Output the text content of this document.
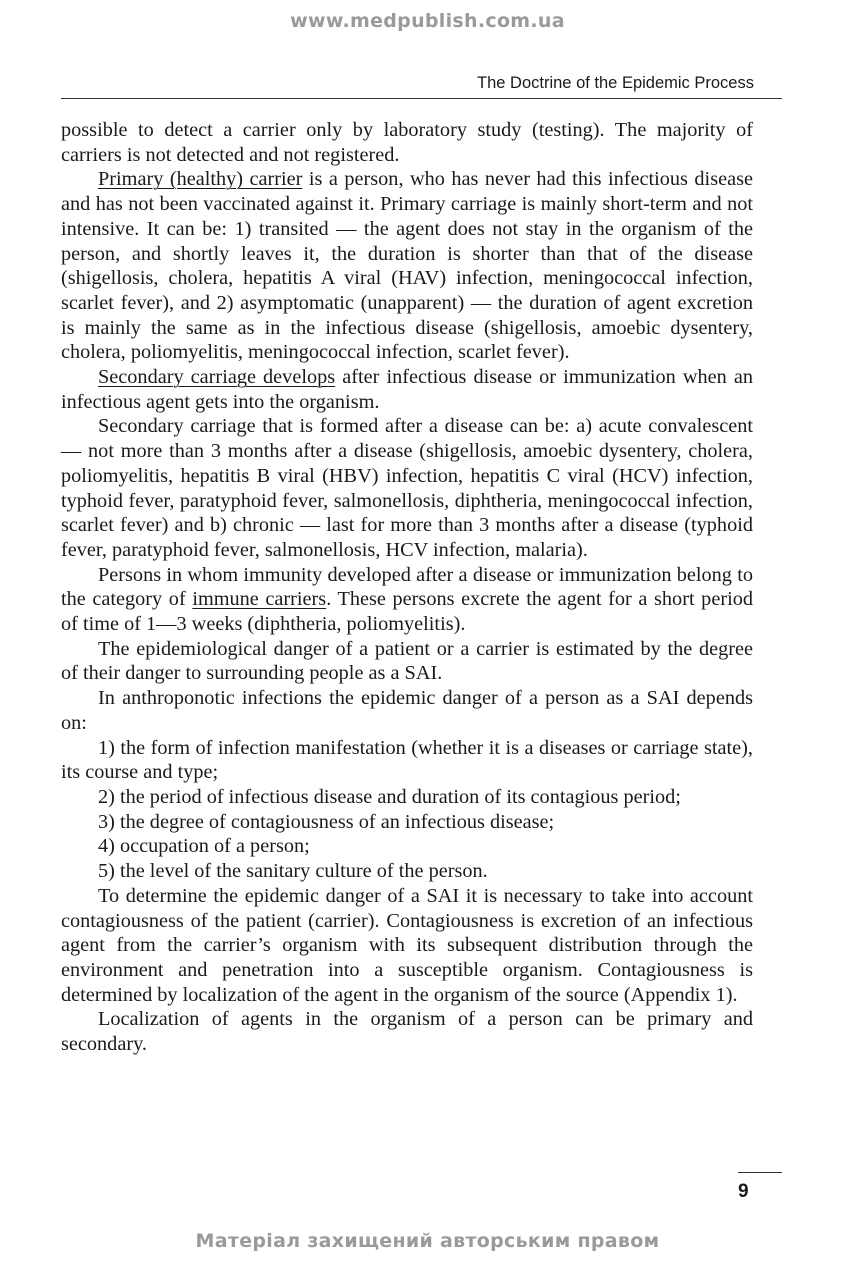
www.medpublish.com.ua
The Doctrine of the Epidemic Process

possible to detect a carrier only by laboratory study (testing). The majority of carriers is not detected and not registered.

Primary (healthy) carrier is a person, who has never had this infectious disease and has not been vaccinated against it. Primary carriage is mainly short-term and not intensive. It can be: 1) transited — the agent does not stay in the organism of the person, and shortly leaves it, the duration is shorter than that of the disease (shigellosis, cholera, hepatitis A viral (HAV) infection, meningococcal infection, scarlet fever), and 2) asymptomatic (unapparent) — the duration of agent excretion is mainly the same as in the infectious disease (shigellosis, amoebic dysentery, cholera, poliomyelitis, meningococcal infection, scarlet fever).

Secondary carriage develops after infectious disease or immunization when an infectious agent gets into the organism.

Secondary carriage that is formed after a disease can be: a) acute convalescent — not more than 3 months after a disease (shigellosis, amoebic dysentery, cholera, poliomyelitis, hepatitis B viral (HBV) infection, hepatitis C viral (HCV) infection, typhoid fever, paratyphoid fever, salmonellosis, diphtheria, meningococcal infection, scarlet fever) and b) chronic — last for more than 3 months after a disease (typhoid fever, paratyphoid fever, salmonellosis, HCV infection, malaria).

Persons in whom immunity developed after a disease or immunization belong to the category of immune carriers. These persons excrete the agent for a short period of time of 1—3 weeks (diphtheria, poliomyelitis).

The epidemiological danger of a patient or a carrier is estimated by the degree of their danger to surrounding people as a SAI.

In anthroponotic infections the epidemic danger of a person as a SAI depends on:

1) the form of infection manifestation (whether it is a diseases or carriage state), its course and type;

2) the period of infectious disease and duration of its contagious period;

3) the degree of contagiousness of an infectious disease;

4) occupation of a person;

5) the level of the sanitary culture of the person.

To determine the epidemic danger of a SAI it is necessary to take into account contagiousness of the patient (carrier). Contagiousness is excretion of an infectious agent from the carrier’s organism with its subsequent distribution through the environment and penetration into a susceptible organism. Contagiousness is determined by localization of the agent in the organism of the source (Appendix 1).

Localization of agents in the organism of a person can be primary and secondary.

9
Матеріал захищений авторським правом
